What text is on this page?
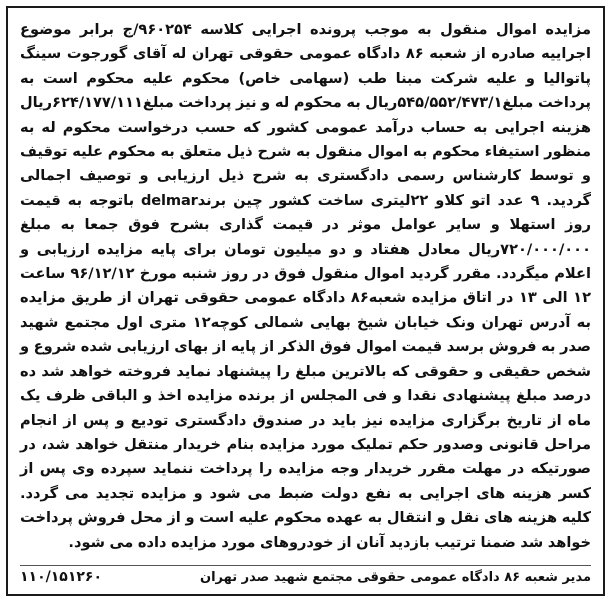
مزایده اموال منقول به موجب پرونده اجرایی کلاسه ۹۶۰۲۵۴/ج برابر موضوع اجراییه صادره از شعبه ۸۶ دادگاه عمومی حقوقی تهران له آقای گورجوت سینگ پاتوالیا و علیه شرکت مبنا طب (سهامی خاص) محکوم علیه محکوم است به پرداخت مبلغ۵۴۵/۵۵۲/۴۷۳/۱ریال به محکوم له و نیز پرداخت مبلغ۶۲۴/۱۷۷/۱۱۱ریال هزینه اجرایی به حساب درآمد عمومی کشور که حسب درخواست محکوم له به منظور استیفاء محکوم به اموال منقول به شرح ذیل متعلق به محکوم علیه توقیف و توسط کارشناس رسمی دادگستری به شرح ذیل ارزیابی و توصیف اجمالی گردید. ۹ عدد اتو کلاو ۲۲لیتری ساخت کشور چین برندdelmar باتوجه به قیمت روز استهلا و سایر عوامل موثر در قیمت گذاری بشرح فوق جمعا به مبلغ ۷۲۰/۰۰۰/۰۰۰ریال معادل هفتاد و دو میلیون تومان برای پایه مزایده ارزیابی و اعلام میگردد. مقرر گردید اموال منقول فوق در روز شنبه مورخ ۹۶/۱۲/۱۲ ساعت ۱۲ الی ۱۳ در اتاق مزایده شعبه۸۶ دادگاه عمومی حقوقی تهران از طریق مزایده به آدرس تهران ونک خیابان شیخ بهایی شمالی کوچه۱۲ متری اول مجتمع شهید صدر به فروش برسد قیمت اموال فوق الذکر از پایه از بهای ارزیابی شده شروع و شخص حقیقی و حقوقی که بالاترین مبلغ را پیشنهاد نماید فروخته خواهد شد ده درصد مبلغ پیشنهادی نقدا و فی المجلس از برنده مزایده اخذ و الباقی ظرف یک ماه از تاریخ برگزاری مزایده نیز باید در صندوق دادگستری تودیع و پس از انجام مراحل قانونی وصدور حکم تملیک مورد مزایده بنام خریدار منتقل خواهد شد، در صورتیکه در مهلت مقرر خریدار وجه مزایده را پرداخت ننماید سپرده وی پس از کسر هزینه های اجرایی به نفع دولت ضبط می شود و مزایده تجدید می گردد. کلیه هزینه های نقل و انتقال به عهده محکوم علیه است و از محل فروش پرداخت خواهد شد ضمنا ترتیب بازدید آنان از خودروهای مورد مزایده داده می شود.

مدیر شعبه ۸۶ دادگاه عمومی حقوقی مجتمع شهید صدر تهران
۱۱۰/۱۵۱۲۶۰
